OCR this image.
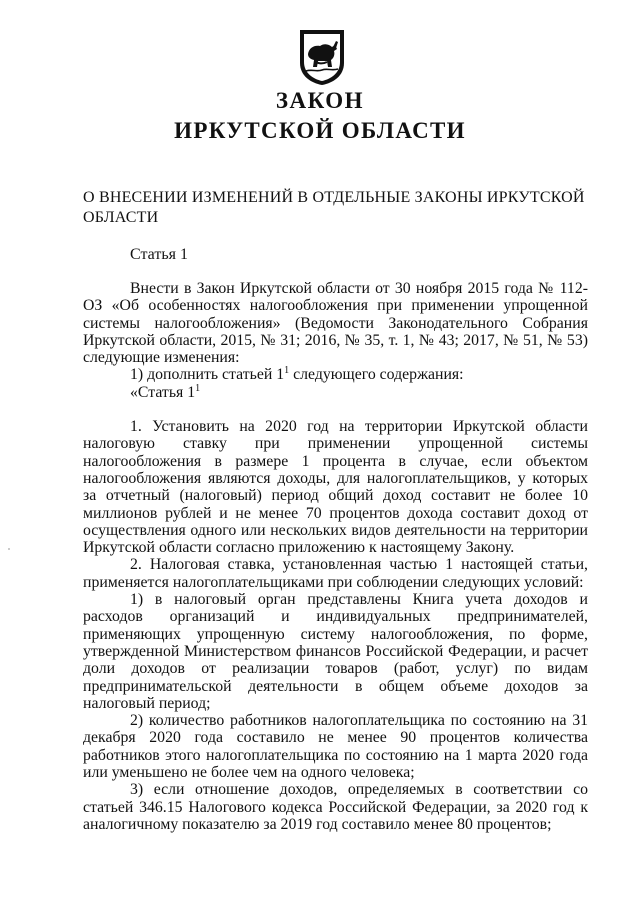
ЗАКОН
ИРКУТСКОЙ ОБЛАСТИ
О ВНЕСЕНИИ ИЗМЕНЕНИЙ В ОТДЕЛЬНЫЕ ЗАКОНЫ ИРКУТСКОЙ ОБЛАСТИ
Статья 1

Внести в Закон Иркутской области от 30 ноября 2015 года № 112-ОЗ «Об особенностях налогообложения при применении упрощенной системы налогообложения» (Ведомости Законодательного Собрания Иркутской области, 2015, № 31; 2016, № 35, т. 1, № 43; 2017, № 51, № 53) следующие изменения:

1) дополнить статьей $1^1$ следующего содержания:

«Статья $1^1$

1. Установить на 2020 год на территории Иркутской области налоговую ставку при применении упрощенной системы налогообложения в размере 1 процента в случае, если объектом налогообложения являются доходы, для налогоплательщиков, у которых за отчетный (налоговый) период общий доход составит не более 10 миллионов рублей и не менее 70 процентов дохода составит доход от осуществления одного или нескольких видов деятельности на территории Иркутской области согласно приложению к настоящему Закону.

2. Налоговая ставка, установленная частью 1 настоящей статьи, применяется налогоплательщиками при соблюдении следующих условий:

1) в налоговый орган представлены Книга учета доходов и расходов организаций и индивидуальных предпринимателей, применяющих упрощенную систему налогообложения, по форме, утвержденной Министерством финансов Российской Федерации, и расчет доли доходов от реализации товаров (работ, услуг) по видам предпринимательской деятельности в общем объеме доходов за налоговый период;

2) количество работников налогоплательщика по состоянию на 31 декабря 2020 года составило не менее 90 процентов количества работников этого налогоплательщика по состоянию на 1 марта 2020 года или уменьшено не более чем на одного человека;

3) если отношение доходов, определяемых в соответствии со статьей 346.15 Налогового кодекса Российской Федерации, за 2020 год к аналогичному показателю за 2019 год составило менее 80 процентов;
